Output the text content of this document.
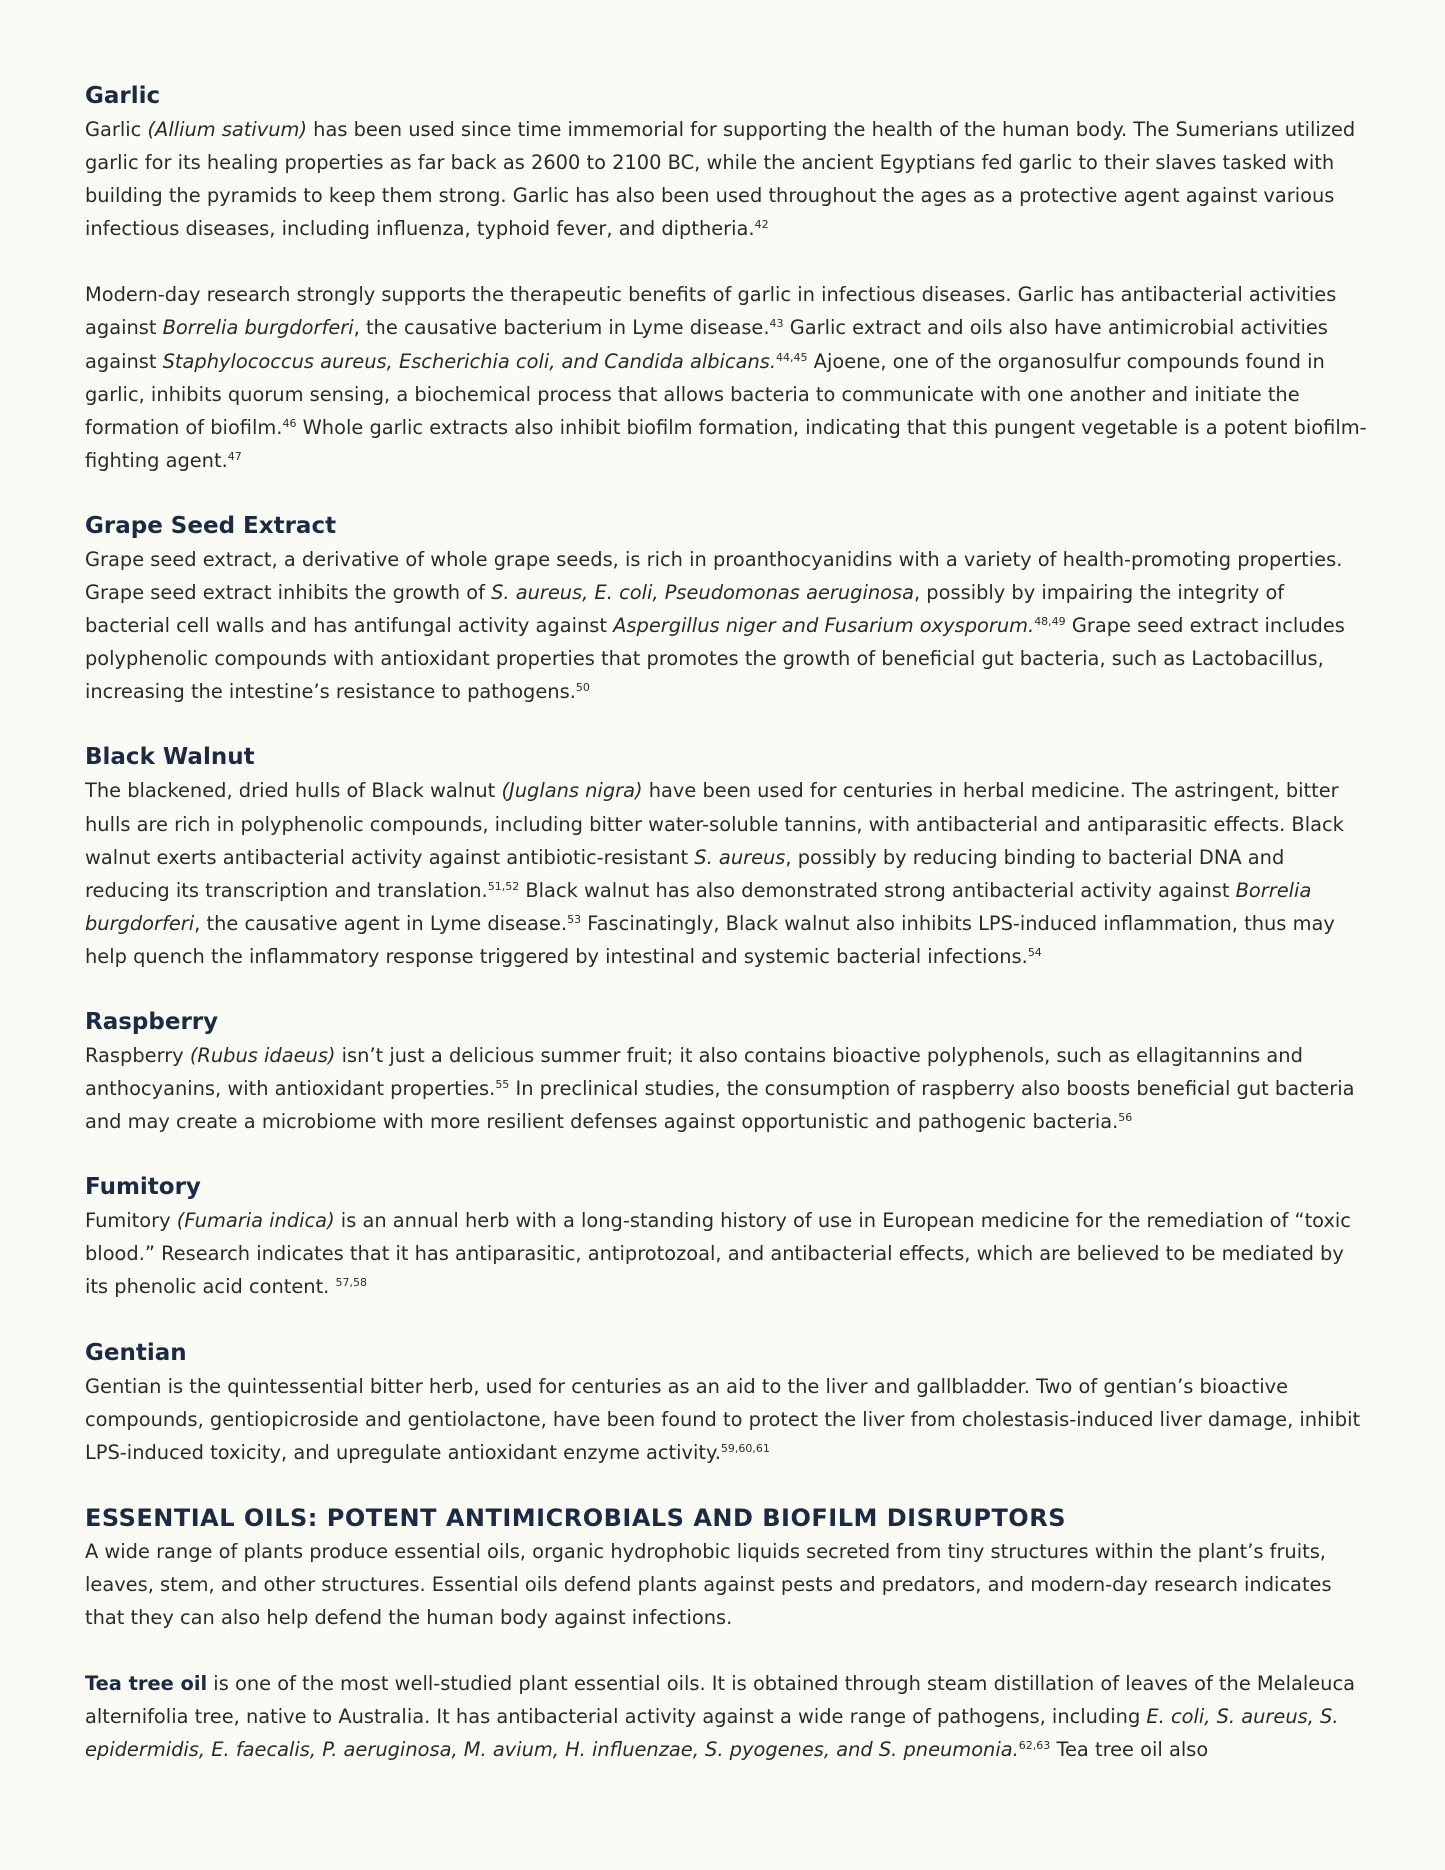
Garlic

Garlic (Allium sativum) has been used since time immemorial for supporting the health of the human body. The Sumerians utilized garlic for its healing properties as far back as 2600 to 2100 BC, while the ancient Egyptians fed garlic to their slaves tasked with building the pyramids to keep them strong. Garlic has also been used throughout the ages as a protective agent against various infectious diseases, including influenza, typhoid fever, and diptheria.$^{42}$

Modern-day research strongly supports the therapeutic benefits of garlic in infectious diseases. Garlic has antibacterial activities against Borrelia burgdorferi, the causative bacterium in Lyme disease.$^{43}$ Garlic extract and oils also have antimicrobial activities against Staphylococcus aureus, Escherichia coli, and Candida albicans.$^{44,45}$ Ajoene, one of the organosulfur compounds found in garlic, inhibits quorum sensing, a biochemical process that allows bacteria to communicate with one another and initiate the formation of biofilm.$^{46}$ Whole garlic extracts also inhibit biofilm formation, indicating that this pungent vegetable is a potent biofilm-fighting agent.$^{47}$

Grape Seed Extract

Grape seed extract, a derivative of whole grape seeds, is rich in proanthocyanidins with a variety of health-promoting properties. Grape seed extract inhibits the growth of S. aureus, E. coli, Pseudomonas aeruginosa, possibly by impairing the integrity of bacterial cell walls and has antifungal activity against Aspergillus niger and Fusarium oxysporum.$^{48,49}$ Grape seed extract includes polyphenolic compounds with antioxidant properties that promotes the growth of beneficial gut bacteria, such as Lactobacillus, increasing the intestine’s resistance to pathogens.$^{50}$

Black Walnut

The blackened, dried hulls of Black walnut (Juglans nigra) have been used for centuries in herbal medicine. The astringent, bitter hulls are rich in polyphenolic compounds, including bitter water-soluble tannins, with antibacterial and antiparasitic effects. Black walnut exerts antibacterial activity against antibiotic-resistant S. aureus, possibly by reducing binding to bacterial DNA and reducing its transcription and translation.$^{51,52}$ Black walnut has also demonstrated strong antibacterial activity against Borrelia burgdorferi, the causative agent in Lyme disease.$^{53}$ Fascinatingly, Black walnut also inhibits LPS-induced inflammation, thus may help quench the inflammatory response triggered by intestinal and systemic bacterial infections.$^{54}$

Raspberry

Raspberry (Rubus idaeus) isn’t just a delicious summer fruit; it also contains bioactive polyphenols, such as ellagitannins and anthocyanins, with antioxidant properties.$^{55}$ In preclinical studies, the consumption of raspberry also boosts beneficial gut bacteria and may create a microbiome with more resilient defenses against opportunistic and pathogenic bacteria.$^{56}$

Fumitory

Fumitory (Fumaria indica) is an annual herb with a long-standing history of use in European medicine for the remediation of “toxic blood.” Research indicates that it has antiparasitic, antiprotozoal, and antibacterial effects, which are believed to be mediated by its phenolic acid content. $^{57,58}$

Gentian

Gentian is the quintessential bitter herb, used for centuries as an aid to the liver and gallbladder. Two of gentian’s bioactive compounds, gentiopicroside and gentiolactone, have been found to protect the liver from cholestasis-induced liver damage, inhibit LPS-induced toxicity, and upregulate antioxidant enzyme activity.$^{59,60,61}$

ESSENTIAL OILS: POTENT ANTIMICROBIALS AND BIOFILM DISRUPTORS

A wide range of plants produce essential oils, organic hydrophobic liquids secreted from tiny structures within the plant’s fruits, leaves, stem, and other structures. Essential oils defend plants against pests and predators, and modern-day research indicates that they can also help defend the human body against infections.

Tea tree oil is one of the most well-studied plant essential oils. It is obtained through steam distillation of leaves of the Melaleuca alternifolia tree, native to Australia. It has antibacterial activity against a wide range of pathogens, including E. coli, S. aureus, S. epidermidis, E. faecalis, P. aeruginosa, M. avium, H. influenzae, S. pyogenes, and S. pneumonia.$^{62,63}$ Tea tree oil also
